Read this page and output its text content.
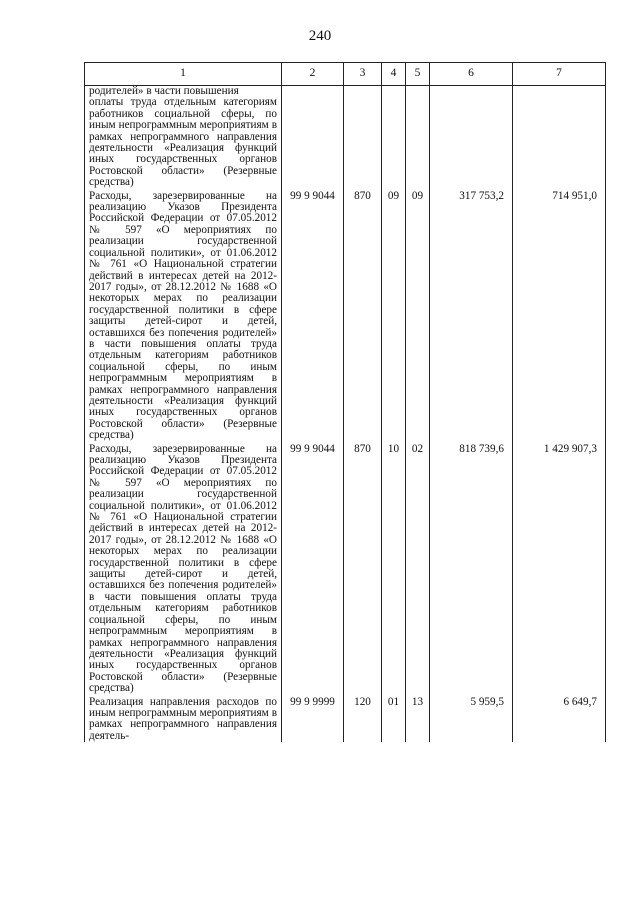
240
1	2	3	4	5	6	7

родителей» в части повышения
оплаты труда отдельным категориям работников социальной сферы, по иным непрограммным мероприятиям в рамках непрограммного направления деятельности «Реализация функций иных государственных органов Ростовской области» (Резервные средства)						

Расходы, зарезервированные на реализацию Указов Президента Российской Федерации от 07.05.2012 № 597 «О мероприятиях по реализации государственной социальной политики», от 01.06.2012 № 761 «О Национальной стратегии действий в интересах детей на 2012-2017 годы», от 28.12.2012 № 1688 «О некоторых мерах по реализации государственной политики в сфере защиты детей-сирот и детей, оставшихся без попечения родителей» в части повышения оплаты труда отдельным категориям работников социальной сферы, по иным непрограммным мероприятиям в рамках непрограммного направления деятельности «Реализация функций иных государственных органов Ростовской области» (Резервные средства)	99 9 9044	870	09	09	317 753,2	714 951,0

Расходы, зарезервированные на реализацию Указов Президента Российской Федерации от 07.05.2012 № 597 «О мероприятиях по реализации государственной социальной политики», от 01.06.2012 № 761 «О Национальной стратегии действий в интересах детей на 2012-2017 годы», от 28.12.2012 № 1688 «О некоторых мерах по реализации государственной политики в сфере защиты детей-сирот и детей, оставшихся без попечения родителей» в части повышения оплаты труда отдельным категориям работников социальной сферы, по иным непрограммным мероприятиям в рамках непрограммного направления деятельности «Реализация функций иных государственных органов Ростовской области» (Резервные средства)	99 9 9044	870	10	02	818 739,6	1 429 907,3

Реализация направления расходов по иным непрограммным мероприятиям в рамках непрограммного направления деятель-	99 9 9999	120	01	13	5 959,5	6 649,7
